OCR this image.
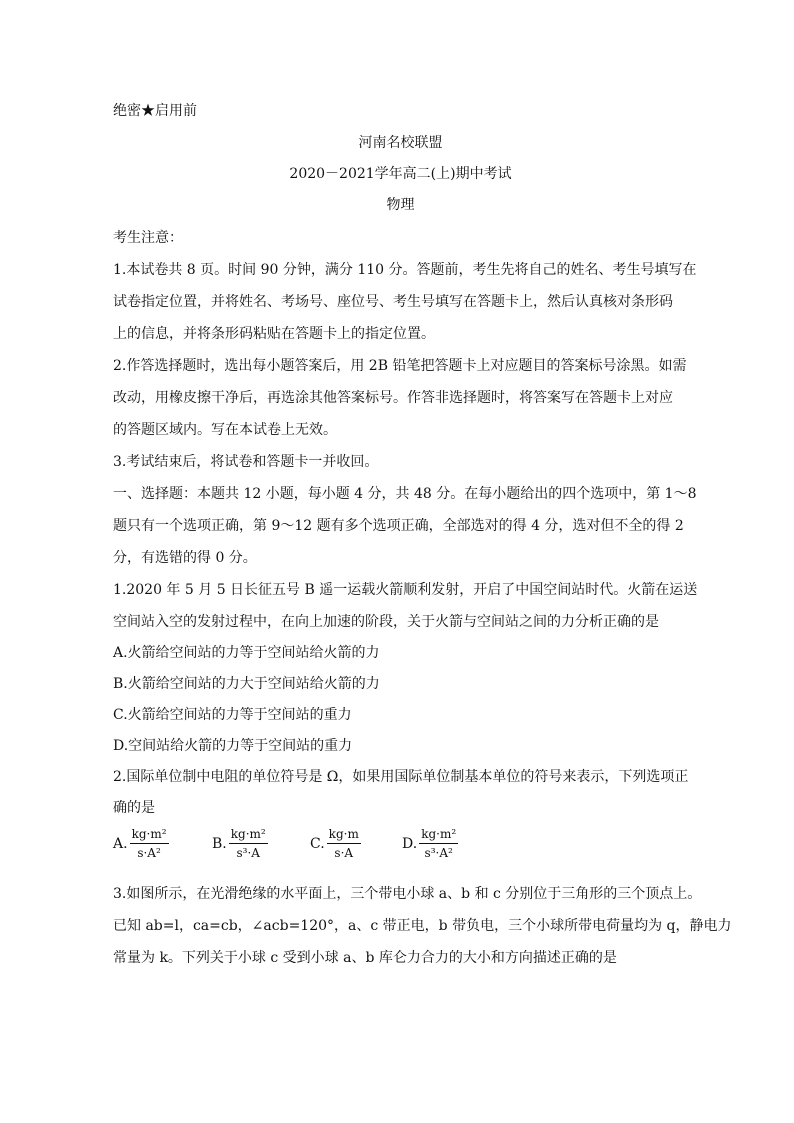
绝密★启用前
河南名校联盟
2020－2021学年高二(上)期中考试
物理
考生注意：
1.本试卷共 8 页。时间 90 分钟，满分 110 分。答题前，考生先将自己的姓名、考生号填写在
试卷指定位置，并将姓名、考场号、座位号、考生号填写在答题卡上，然后认真核对条形码
上的信息，并将条形码粘贴在答题卡上的指定位置。
2.作答选择题时，选出每小题答案后，用 2B 铅笔把答题卡上对应题目的答案标号涂黑。如需
改动，用橡皮擦干净后，再选涂其他答案标号。作答非选择题时，将答案写在答题卡上对应
的答题区域内。写在本试卷上无效。
3.考试结束后，将试卷和答题卡一并收回。
一、选择题：本题共 12 小题，每小题 4 分，共 48 分。在每小题给出的四个选项中，第 1～8
题只有一个选项正确，第 9～12 题有多个选项正确，全部选对的得 4 分，选对但不全的得 2
分，有选错的得 0 分。
1.2020 年 5 月 5 日长征五号 B 遥一运载火箭顺利发射，开启了中国空间站时代。火箭在运送
空间站入空的发射过程中，在向上加速的阶段，关于火箭与空间站之间的力分析正确的是
A.火箭给空间站的力等于空间站给火箭的力
B.火箭给空间站的力大于空间站给火箭的力
C.火箭给空间站的力等于空间站的重力
D.空间站给火箭的力等于空间站的重力
2.国际单位制中电阻的单位符号是 Ω，如果用国际单位制基本单位的符号来表示，下列选项正
确的是
A. $\frac{\text{kg·m²}}{\text{s·A²}}$	B. $\frac{\text{kg·m²}}{\text{s³·A}}$	C. $\frac{kg\cdot m}{s\cdot A}$	D. $\frac{\text{kg·m²}}{\text{s³·A²}}$
3.如图所示，在光滑绝缘的水平面上，三个带电小球 a、b 和 c 分别位于三角形的三个顶点上。
已知 ab=l，ca=cb，∠acb=120°，a、c 带正电，b 带负电，三个小球所带电荷量均为 q，静电力
常量为 k。下列关于小球 c 受到小球 a、b 库仑力合力的大小和方向描述正确的是
